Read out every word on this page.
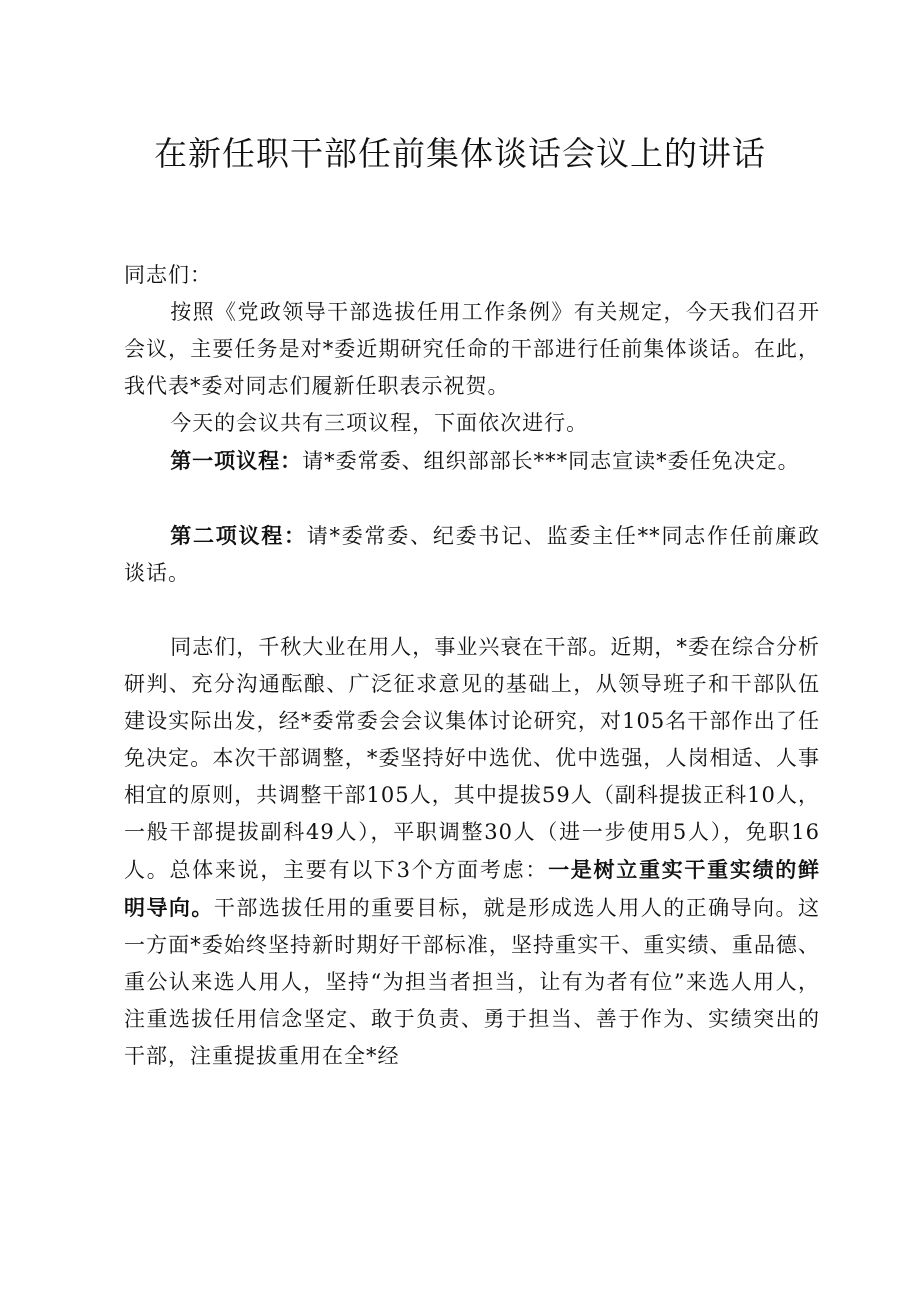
在新任职干部任前集体谈话会议上的讲话

同志们：

按照《党政领导干部选拔任用工作条例》有关规定，今天我们召开会议，主要任务是对*委近期研究任命的干部进行任前集体谈话。在此，我代表*委对同志们履新任职表示祝贺。

今天的会议共有三项议程，下面依次进行。

第一项议程：请*委常委、组织部部长***同志宣读*委任免决定。

第二项议程：请*委常委、纪委书记、监委主任**同志作任前廉政谈话。

同志们，千秋大业在用人，事业兴衰在干部。近期，*委在综合分析研判、充分沟通酝酿、广泛征求意见的基础上，从领导班子和干部队伍建设实际出发，经*委常委会会议集体讨论研究，对105名干部作出了任免决定。本次干部调整，*委坚持好中选优、优中选强，人岗相适、人事相宜的原则，共调整干部105人，其中提拔59人（副科提拔正科10人，一般干部提拔副科49人），平职调整30人（进一步使用5人），免职16人。总体来说，主要有以下3个方面考虑：一是树立重实干重实绩的鲜明导向。干部选拔任用的重要目标，就是形成选人用人的正确导向。这一方面*委始终坚持新时期好干部标准，坚持重实干、重实绩、重品德、重公认来选人用人，坚持“为担当者担当，让有为者有位”来选人用人，注重选拔任用信念坚定、敢于负责、勇于担当、善于作为、实绩突出的干部，注重提拔重用在全*经
